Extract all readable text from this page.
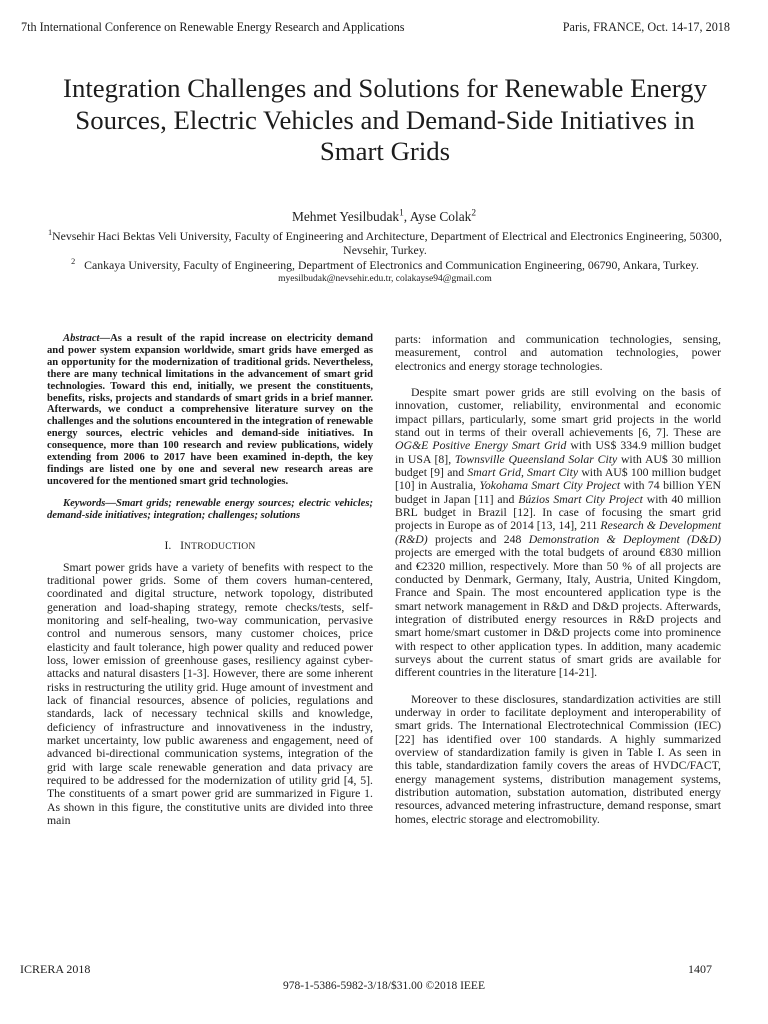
7th International Conference on Renewable Energy Research and Applications	Paris, FRANCE, Oct. 14-17, 2018
Integration Challenges and Solutions for Renewable Energy Sources, Electric Vehicles and Demand-Side Initiatives in Smart Grids
Mehmet Yesilbudak$^1$, Ayse Colak$^2$
$^1$Nevsehir Haci Bektas Veli University, Faculty of Engineering and Architecture, Department of Electrical and Electronics Engineering, 50300, Nevsehir, Turkey.
$^2$ Cankaya University, Faculty of Engineering, Department of Electronics and Communication Engineering, 06790, Ankara, Turkey.
myesilbudak@nevsehir.edu.tr, colakayse94@gmail.com

Abstract—As a result of the rapid increase on electricity demand and power system expansion worldwide, smart grids have emerged as an opportunity for the modernization of traditional grids. Nevertheless, there are many technical limitations in the advancement of smart grid technologies. Toward this end, initially, we present the constituents, benefits, risks, projects and standards of smart grids in a brief manner. Afterwards, we conduct a comprehensive literature survey on the challenges and the solutions encountered in the integration of renewable energy sources, electric vehicles and demand-side initiatives. In consequence, more than 100 research and review publications, widely extending from 2006 to 2017 have been examined in-depth, the key findings are listed one by one and several new research areas are uncovered for the mentioned smart grid technologies.

Keywords—Smart grids; renewable energy sources; electric vehicles; demand-side initiatives; integration; challenges; solutions

I. INTRODUCTION

Smart power grids have a variety of benefits with respect to the traditional power grids. Some of them covers human-centered, coordinated and digital structure, network topology, distributed generation and load-shaping strategy, remote checks/tests, self-monitoring and self-healing, two-way communication, pervasive control and numerous sensors, many customer choices, price elasticity and fault tolerance, high power quality and reduced power loss, lower emission of greenhouse gases, resiliency against cyber-attacks and natural disasters [1-3]. However, there are some inherent risks in restructuring the utility grid. Huge amount of investment and lack of financial resources, absence of policies, regulations and standards, lack of necessary technical skills and knowledge, deficiency of infrastructure and innovativeness in the industry, market uncertainty, low public awareness and engagement, need of advanced bi-directional communication systems, integration of the grid with large scale renewable generation and data privacy are required to be addressed for the modernization of utility grid [4, 5]. The constituents of a smart power grid are summarized in Figure 1. As shown in this figure, the constitutive units are divided into three main

parts: information and communication technologies, sensing, measurement, control and automation technologies, power electronics and energy storage technologies.

Despite smart power grids are still evolving on the basis of innovation, customer, reliability, environmental and economic impact pillars, particularly, some smart grid projects in the world stand out in terms of their overall achievements [6, 7]. These are OG&E Positive Energy Smart Grid with US$ 334.9 million budget in USA [8], Townsville Queensland Solar City with AU$ 30 million budget [9] and Smart Grid, Smart City with AU$ 100 million budget [10] in Australia, Yokohama Smart City Project with 74 billion YEN budget in Japan [11] and Búzios Smart City Project with 40 million BRL budget in Brazil [12]. In case of focusing the smart grid projects in Europe as of 2014 [13, 14], 211 Research & Development (R&D) projects and 248 Demonstration & Deployment (D&D) projects are emerged with the total budgets of around €830 million and €2320 million, respectively. More than 50 % of all projects are conducted by Denmark, Germany, Italy, Austria, United Kingdom, France and Spain. The most encountered application type is the smart network management in R&D and D&D projects. Afterwards, integration of distributed energy resources in R&D projects and smart home/smart customer in D&D projects come into prominence with respect to other application types. In addition, many academic surveys about the current status of smart grids are available for different countries in the literature [14-21].

Moreover to these disclosures, standardization activities are still underway in order to facilitate deployment and interoperability of smart grids. The International Electrotechnical Commission (IEC) [22] has identified over 100 standards. A highly summarized overview of standardization family is given in Table I. As seen in this table, standardization family covers the areas of HVDC/FACT, energy management systems, distribution management systems, distribution automation, substation automation, distributed energy resources, advanced metering infrastructure, demand response, smart homes, electric storage and electromobility.

ICRERA 2018	1407
978-1-5386-5982-3/18/$31.00 ©2018 IEEE
